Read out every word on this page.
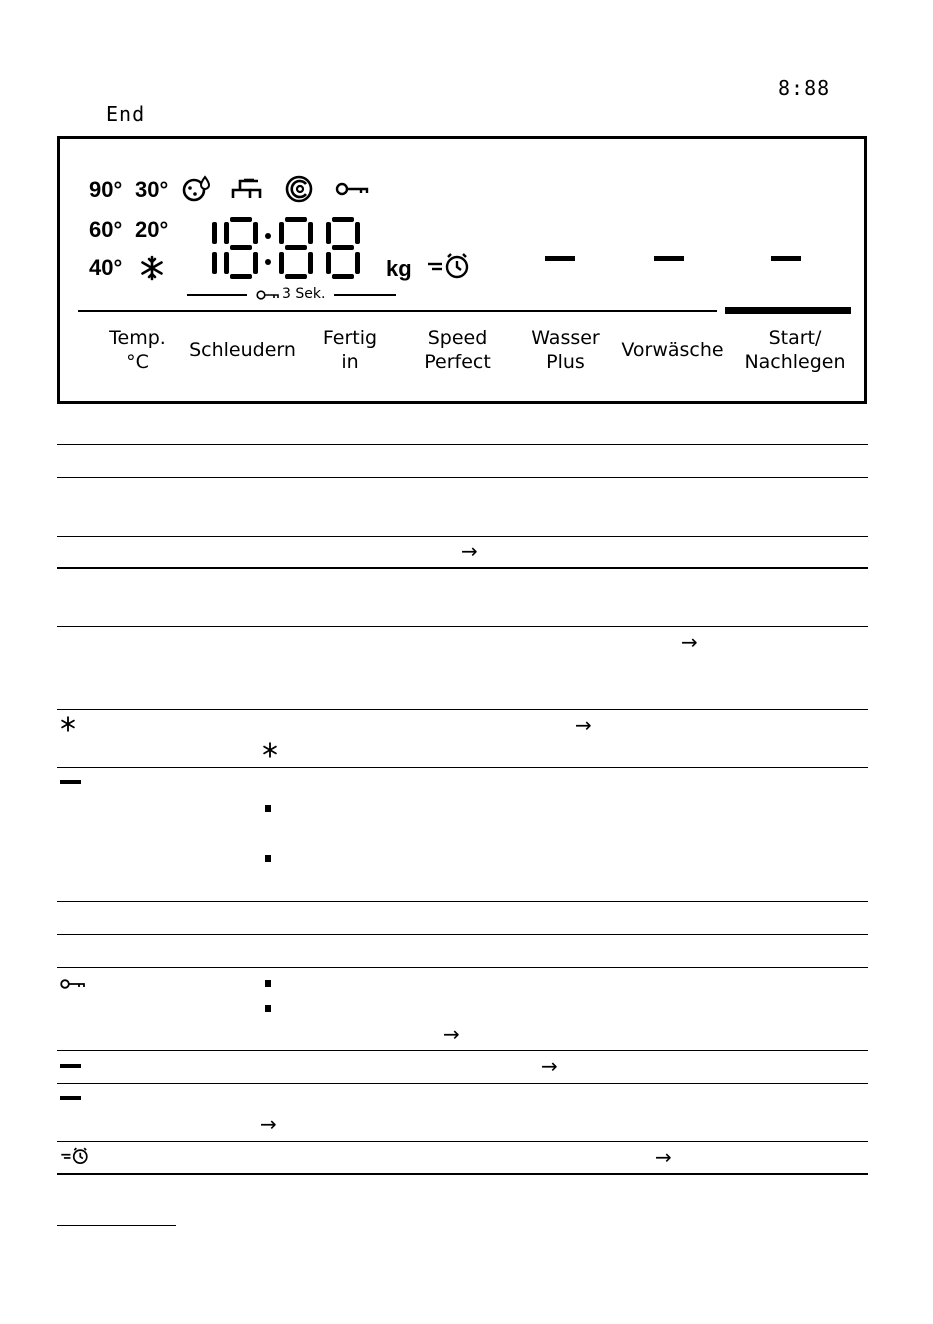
8:88
End
90° 30°
60° 20°
40°	kg
3 Sek.
Temp.
°C
Schleudern
Fertig
in
Speed
Perfect
Wasser
Plus
Vorwäsche
Start/
Nachlegen
→
→
→
→
→
→
→
